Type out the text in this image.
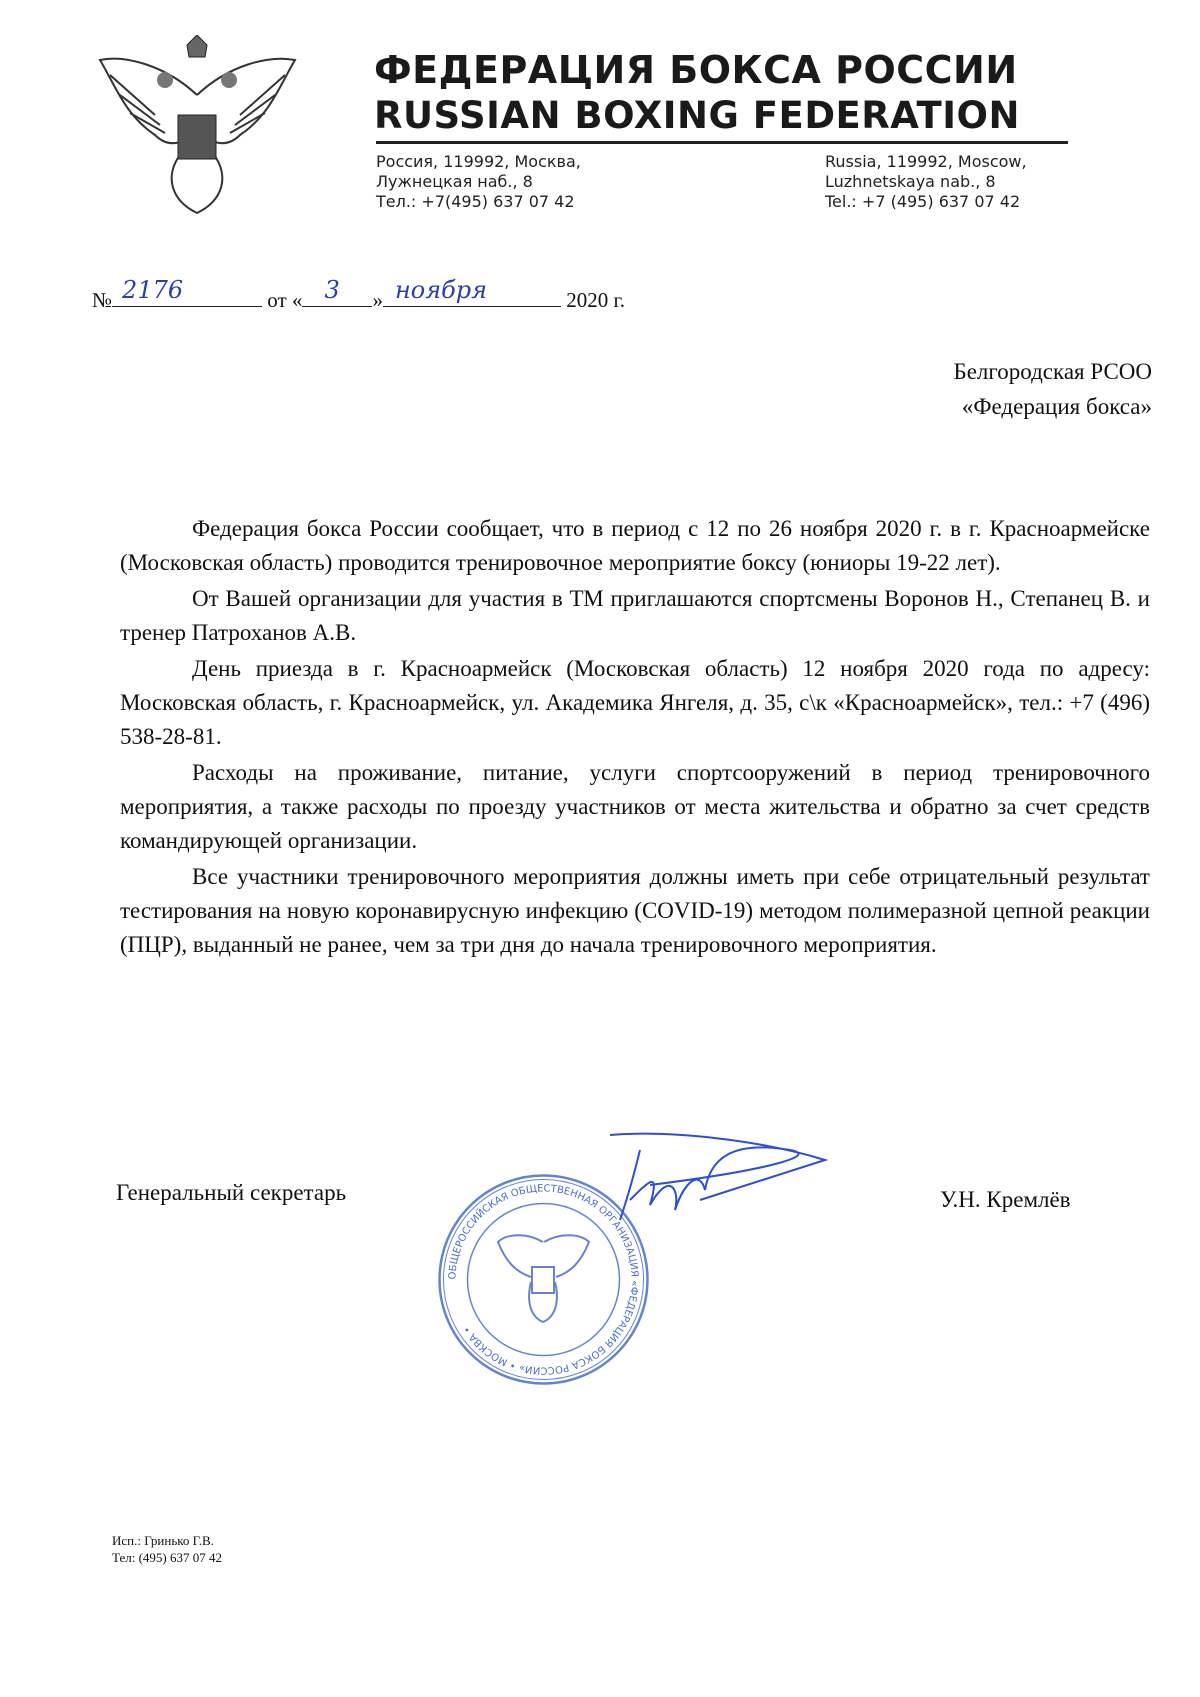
ФЕДЕРАЦИЯ БОКСА РОССИИ
RUSSIAN BOXING FEDERATION
Россия, 119992, Москва,
Лужнецкая наб., 8
Тел.: +7(495) 637 07 42
Russia, 119992, Moscow,
Luzhnetskaya nab., 8
Tel.: +7 (495) 637 07 42
№ 2176	от « 3 » ноября	2020 г.
Белгородская РСОО
«Федерация бокса»

Федерация бокса России сообщает, что в период с 12 по 26 ноября 2020 г. в г. Красноармейске (Московская область) проводится тренировочное мероприятие боксу (юниоры 19-22 лет).

От Вашей организации для участия в ТМ приглашаются спортсмены Воронов Н., Степанец В. и тренер Патроханов А.В.

День приезда в г. Красноармейск (Московская область) 12 ноября 2020 года по адресу: Московская область, г. Красноармейск, ул. Академика Янгеля, д. 35, с\к «Красноармейск», тел.: +7 (496) 538-28-81.

Расходы на проживание, питание, услуги спортсооружений в период тренировочного мероприятия, а также расходы по проезду участников от места жительства и обратно за счет средств командирующей организации.

Все участники тренировочного мероприятия должны иметь при себе отрицательный результат тестирования на новую коронавирусную инфекцию (COVID-19) методом полимеразной цепной реакции (ПЦР), выданный не ранее, чем за три дня до начала тренировочного мероприятия.

Генеральный секретарь	У.Н. Кремлёв
ОБЩЕРОССИЙСКАЯ ОБЩЕСТВЕННАЯ ОРГАНИЗАЦИЯ «ФЕДЕРАЦИЯ БОКСА РОССИИ» • МОСКВА •
Исп.: Гринько Г.В.
Тел: (495) 637 07 42
